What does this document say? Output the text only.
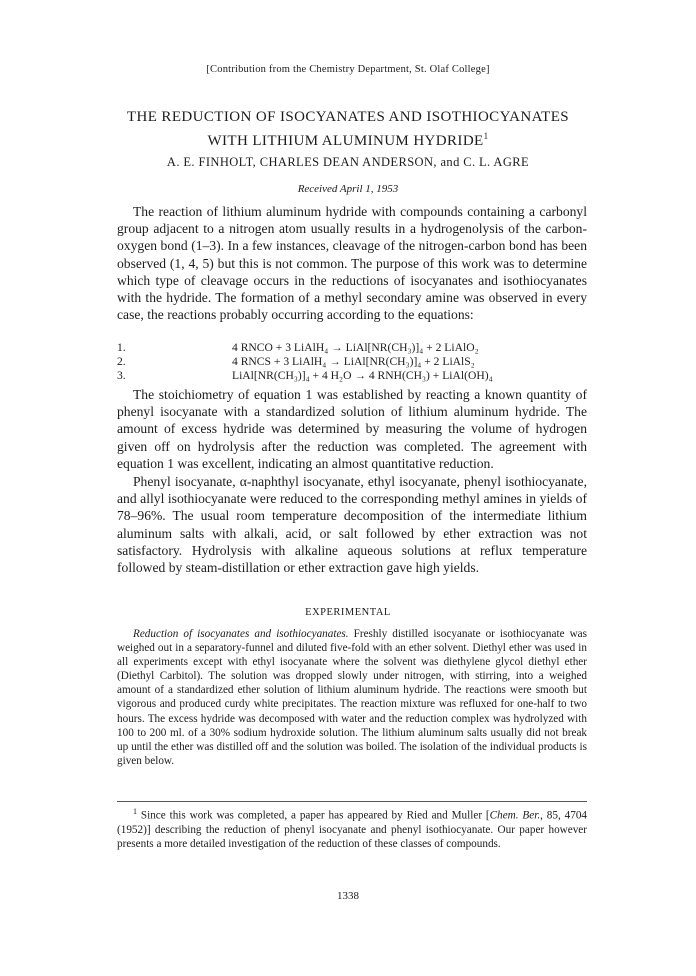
[Contribution from the Chemistry Department, St. Olaf College]

THE REDUCTION OF ISOCYANATES AND ISOTHIOCYANATES
WITH LITHIUM ALUMINUM HYDRIDE$^1$

A. E. FINHOLT, CHARLES DEAN ANDERSON, and C. L. AGRE

Received April 1, 1953

The reaction of lithium aluminum hydride with compounds containing a carbonyl group adjacent to a nitrogen atom usually results in a hydrogenolysis of the carbon-oxygen bond (1–3). In a few instances, cleavage of the nitrogen-carbon bond has been observed (1, 4, 5) but this is not common. The purpose of this work was to determine which type of cleavage occurs in the reductions of isocyanates and isothiocyanates with the hydride. The formation of a methyl secondary amine was observed in every case, the reactions probably occurring according to the equations:

1.	4 RNCO + 3 LiAlH₄ → LiAl[NR(CH₃)]₄ + 2 LiAlO₂
2.	4 RNCS + 3 LiAlH₄ → LiAl[NR(CH₃)]₄ + 2 LiAlS₂
3.	LiAl[NR(CH₃)]₄ + 4 H₂O → 4 RNH(CH₃) + LiAl(OH)₄

The stoichiometry of equation 1 was established by reacting a known quantity of phenyl isocyanate with a standardized solution of lithium aluminum hydride. The amount of excess hydride was determined by measuring the volume of hydrogen given off on hydrolysis after the reduction was completed. The agreement with equation 1 was excellent, indicating an almost quantitative reduction.

Phenyl isocyanate, α-naphthyl isocyanate, ethyl isocyanate, phenyl isothiocyanate, and allyl isothiocyanate were reduced to the corresponding methyl amines in yields of 78–96%. The usual room temperature decomposition of the intermediate lithium aluminum salts with alkali, acid, or salt followed by ether extraction was not satisfactory. Hydrolysis with alkaline aqueous solutions at reflux temperature followed by steam-distillation or ether extraction gave high yields.

EXPERIMENTAL

Reduction of isocyanates and isothiocyanates. Freshly distilled isocyanate or isothiocyanate was weighed out in a separatory-funnel and diluted five-fold with an ether solvent. Diethyl ether was used in all experiments except with ethyl isocyanate where the solvent was diethylene glycol diethyl ether (Diethyl Carbitol). The solution was dropped slowly under nitrogen, with stirring, into a weighed amount of a standardized ether solution of lithium aluminum hydride. The reactions were smooth but vigorous and produced curdy white precipitates. The reaction mixture was refluxed for one-half to two hours. The excess hydride was decomposed with water and the reduction complex was hydrolyzed with 100 to 200 ml. of a 30% sodium hydroxide solution. The lithium aluminum salts usually did not break up until the ether was distilled off and the solution was boiled. The isolation of the individual products is given below.

$^1$ Since this work was completed, a paper has appeared by Ried and Muller [Chem. Ber., 85, 4704 (1952)] describing the reduction of phenyl isocyanate and phenyl isothiocyanate. Our paper however presents a more detailed investigation of the reduction of these classes of compounds.

1338
